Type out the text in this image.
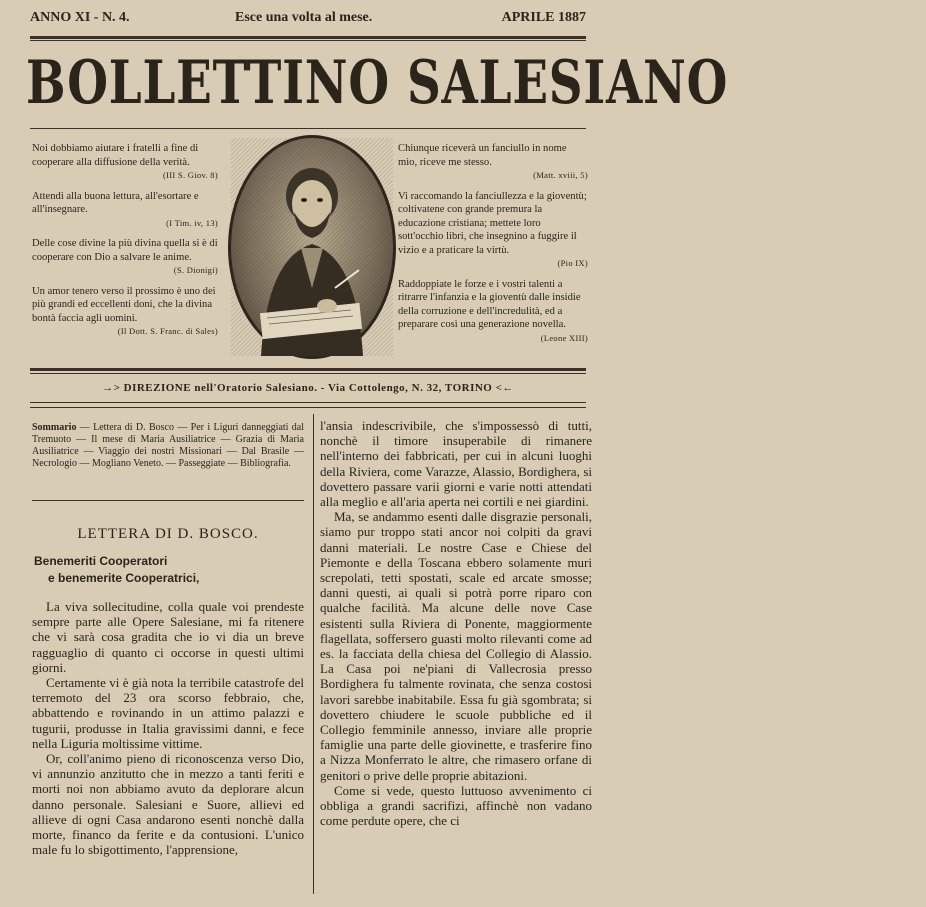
ANNO XI - N. 4.	Esce una volta al mese.	APRILE 1887
BOLLETTINO SALESIANO

Noi dobbiamo aiutare i fratelli a fine di cooperare alla diffusione della verità.
(III S. Giov. 8)

Attendi alla buona lettura, all'esortare e all'insegnare.
(I Tim. iv, 13)

Delle cose divine la più divina quella si è di cooperare con Dio a salvare le anime.
(S. Dionigi)

Un amor tenero verso il prossimo è uno dei più grandi ed eccellenti doni, che la divina bontà faccia agli uomini.
(Il Dott. S. Franc. di Sales)

Chiunque riceverà un fanciullo in nome mio, riceve me stesso.
(Matt. xviii, 5)

Vi raccomando la fanciullezza e la gioventù; coltivatene con grande premura la educazione cristiana; mettete loro sott'occhio libri, che insegnino a fuggire il vizio e a praticare la virtù.
(Pio IX)

Raddoppiate le forze e i vostri talenti a ritrarre l'infanzia e la gioventù dalle insidie della corruzione e dell'incredulità, ed a preparare così una generazione novella.
(Leone XIII)

→> DIREZIONE nell'Oratorio Salesiano. - Via Cottolengo, N. 32, TORINO <←
Sommario — Lettera di D. Bosco — Per i Liguri danneggiati dal Tremuoto — Il mese di Maria Ausiliatrice — Grazia di Maria Ausiliatrice — Viaggio dei nostri Missionari — Dal Brasile — Necrologio — Mogliano Veneto. — Passeggiate — Bibliografia.
LETTERA DI D. BOSCO.
Benemeriti Cooperatori
e benemerite Cooperatrici,

La viva sollecitudine, colla quale voi prendeste sempre parte alle Opere Salesiane, mi fa ritenere che vi sarà cosa gradita che io vi dia un breve ragguaglio di quanto ci occorse in questi ultimi giorni.

Certamente vi è già nota la terribile catastrofe del terremoto del 23 ora scorso febbraio, che, abbattendo e rovinando in un attimo palazzi e tugurii, produsse in Italia gravissimi danni, e fece nella Liguria moltissime vittime.

Or, coll'animo pieno di riconoscenza verso Dio, vi annunzio anzitutto che in mezzo a tanti feriti e morti noi non abbiamo avuto da deplorare alcun danno personale. Salesiani e Suore, allievi ed allieve di ogni Casa andarono esenti nonchè dalla morte, financo da ferite e da contusioni. L'unico male fu lo sbigottimento, l'apprensione,

l'ansia indescrivibile, che s'impossessò di tutti, nonchè il timore insuperabile di rimanere nell'interno dei fabbricati, per cui in alcuni luoghi della Riviera, come Varazze, Alassio, Bordighera, si dovettero passare varii giorni e varie notti attendati alla meglio e all'aria aperta nei cortili e nei giardini.

Ma, se andammo esenti dalle disgrazie personali, siamo pur troppo stati ancor noi colpiti da gravi danni materiali. Le nostre Case e Chiese del Piemonte e della Toscana ebbero solamente muri screpolati, tetti spostati, scale ed arcate smosse; danni questi, ai quali si potrà porre riparo con qualche facilità. Ma alcune delle nove Case esistenti sulla Riviera di Ponente, maggiormente flagellata, soffersero guasti molto rilevanti come ad es. la facciata della chiesa del Collegio di Alassio. La Casa poi ne'piani di Vallecrosia presso Bordighera fu talmente rovinata, che senza costosi lavori sarebbe inabitabile. Essa fu già sgombrata; si dovettero chiudere le scuole pubbliche ed il Collegio femminile annesso, inviare alle proprie famiglie una parte delle giovinette, e trasferire fino a Nizza Monferrato le altre, che rimasero orfane di genitori o prive delle proprie abitazioni.

Come si vede, questo luttuoso avvenimento ci obbliga a grandi sacrifizi, affinchè non vadano come perdute opere, che ci
